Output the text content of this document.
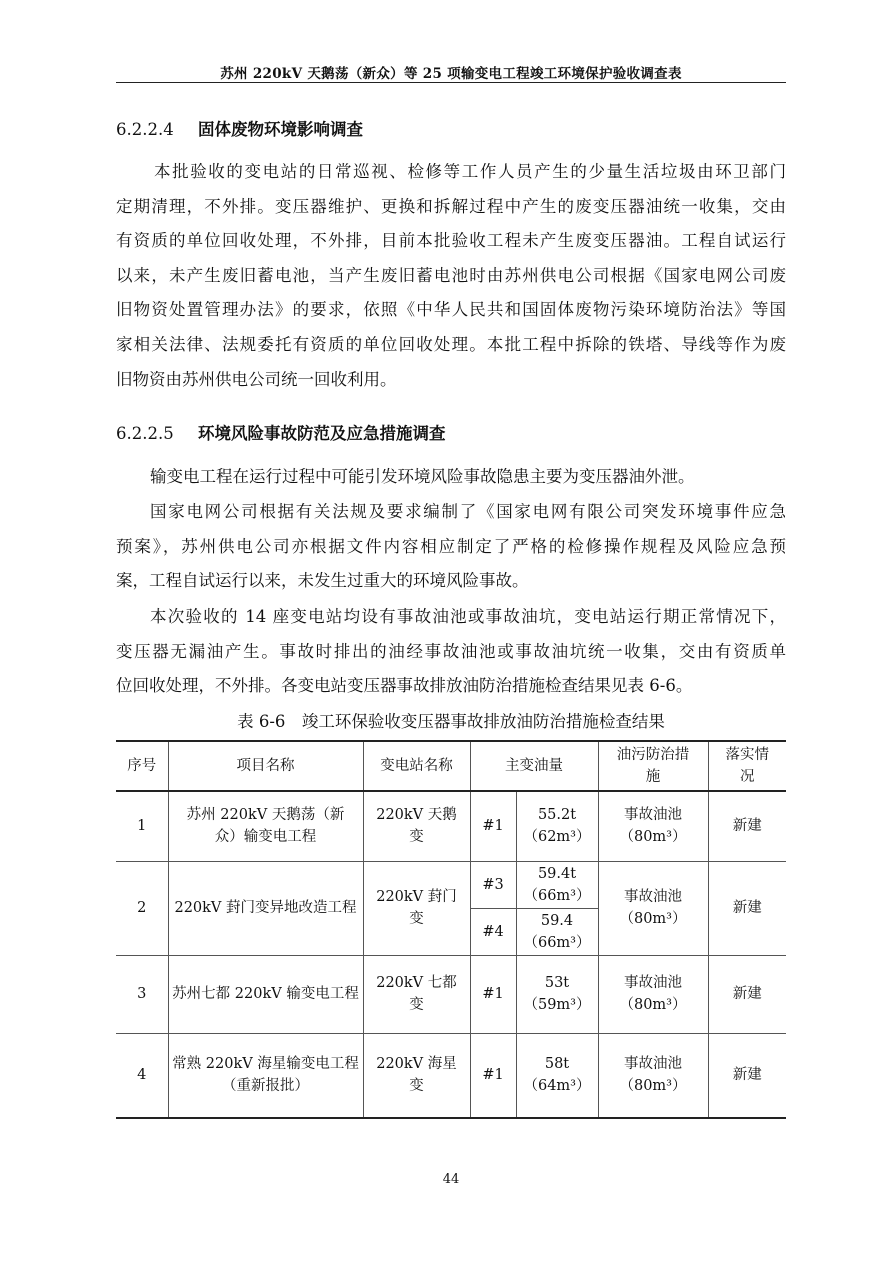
苏州 220kV 天鹅荡（新众）等 25 项输变电工程竣工环境保护验收调查表
6.2.2.4 固体废物环境影响调查
本批验收的变电站的日常巡视、检修等工作人员产生的少量生活垃圾由环卫部门
定期清理，不外排。变压器维护、更换和拆解过程中产生的废变压器油统一收集，交由
有资质的单位回收处理，不外排，目前本批验收工程未产生废变压器油。工程自试运行
以来，未产生废旧蓄电池，当产生废旧蓄电池时由苏州供电公司根据《国家电网公司废
旧物资处置管理办法》的要求，依照《中华人民共和国固体废物污染环境防治法》等国
家相关法律、法规委托有资质的单位回收处理。本批工程中拆除的铁塔、导线等作为废
旧物资由苏州供电公司统一回收利用。
6.2.2.5 环境风险事故防范及应急措施调查
输变电工程在运行过程中可能引发环境风险事故隐患主要为变压器油外泄。
国家电网公司根据有关法规及要求编制了《国家电网有限公司突发环境事件应急
预案》，苏州供电公司亦根据文件内容相应制定了严格的检修操作规程及风险应急预
案，工程自试运行以来，未发生过重大的环境风险事故。
本次验收的 14 座变电站均设有事故油池或事故油坑，变电站运行期正常情况下，
变压器无漏油产生。事故时排出的油经事故油池或事故油坑统一收集，交由有资质单
位回收处理，不外排。各变电站变压器事故排放油防治措施检查结果见表 6-6。
表 6-6　竣工环保验收变压器事故排放油防治措施检查结果
序号	项目名称	变电站名称	主变油量		油污防治措
施	落实情
况

1	苏州 220kV 天鹅荡（新
众）输变电工程	220kV 天鹅
变	#1	55.2t
（62m³）	事故油池
（80m³）	新建
2	220kV 葑门变异地改造工程	220kV 葑门
变	#3	59.4t
（66m³）	事故油池
（80m³）	新建
			#4	59.4
（66m³）		

3	苏州七都 220kV 输变电工程	220kV 七都
变	#1	53t
（59m³）	事故油池
（80m³）	新建
4	常熟 220kV 海星输变电工程
（重新报批）	220kV 海星
变	#1	58t
（64m³）	事故油池
（80m³）	新建
44
